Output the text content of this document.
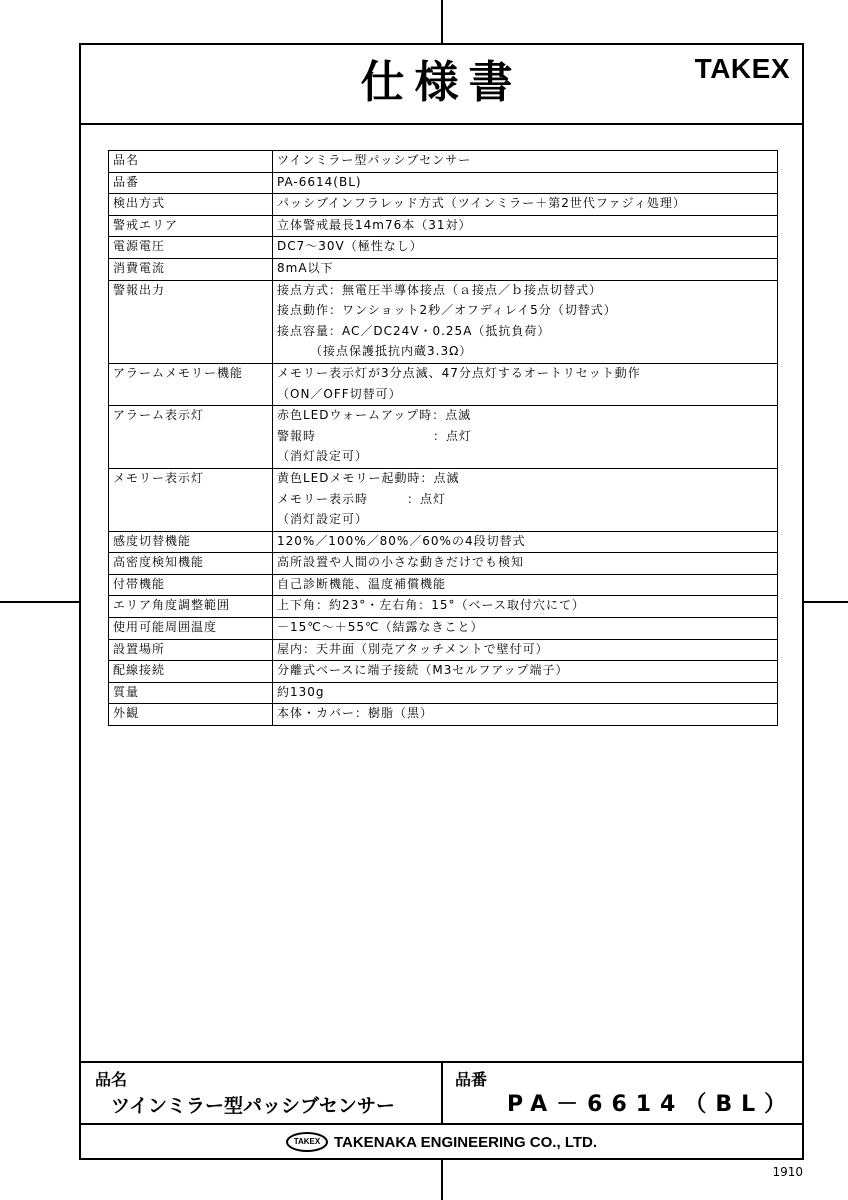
仕様書	TAKEX
品名	ツインミラー型パッシブセンサー

品番	PA-6614(BL)

検出方式	パッシブインフラレッド方式（ツインミラー＋第2世代ファジィ処理）

警戒エリア	立体警戒最長14m76本（31対）

電源電圧	DC7～30V（極性なし）

消費電流	8mA以下

警報出力	接点方式：無電圧半導体接点（ａ接点／ｂ接点切替式）
接点動作：ワンショット2秒／オフディレイ5分（切替式）
接点容量：AC／DC24V・0.25A（抵抗負荷）
　　　（接点保護抵抗内蔵3.3Ω）

アラームメモリー機能	メモリー表示灯が3分点滅、47分点灯するオートリセット動作
（ON／OFF切替可）

アラーム表示灯	赤色LEDウォームアップ時：点滅
警報時　　　　　　　　　：点灯
（消灯設定可）

メモリー表示灯	黄色LEDメモリー起動時：点滅
メモリー表示時　　　：点灯
（消灯設定可）

感度切替機能	120%／100%／80%／60%の4段切替式

高密度検知機能	高所設置や人間の小さな動きだけでも検知

付帯機能	自己診断機能、温度補償機能

エリア角度調整範囲	上下角：約23°・左右角：15°（ベース取付穴にて）

使用可能周囲温度	－15℃～＋55℃（結露なきこと）

設置場所	屋内：天井面（別売アタッチメントで壁付可）

配線接続	分離式ベースに端子接続（M3セルフアップ端子）

質量	約130g

外観	本体・カバー：樹脂（黒）
品名
ツインミラー型パッシブセンサー
品番
PA－6614（BL）
TAKEX TAKENAKA ENGINEERING CO., LTD.
1910
